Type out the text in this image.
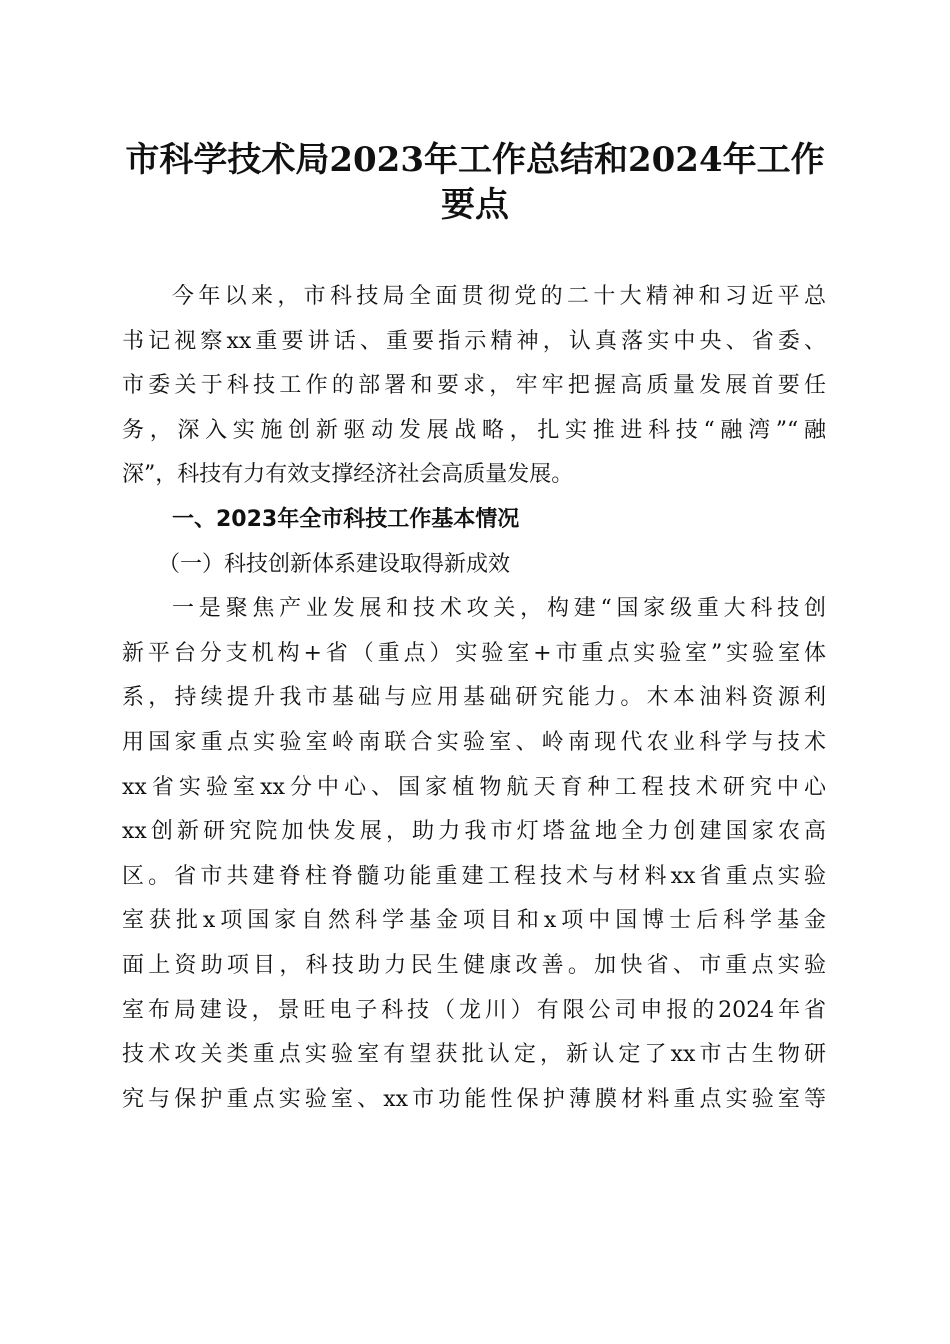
市科学技术局2023年工作总结和2024年工作
要点
今年以来，市科技局全面贯彻党的二十大精神和习近平总
书记视察xx重要讲话、重要指示精神，认真落实中央、省委、
市委关于科技工作的部署和要求，牢牢把握高质量发展首要任
务，深入实施创新驱动发展战略，扎实推进科技“融湾”“融
深”，科技有力有效支撑经济社会高质量发展。
一、2023年全市科技工作基本情况
（一）科技创新体系建设取得新成效
一是聚焦产业发展和技术攻关，构建“国家级重大科技创
新平台分支机构+省（重点）实验室+市重点实验室”实验室体
系，持续提升我市基础与应用基础研究能力。木本油料资源利
用国家重点实验室岭南联合实验室、岭南现代农业科学与技术
xx省实验室xx分中心、国家植物航天育种工程技术研究中心
xx创新研究院加快发展，助力我市灯塔盆地全力创建国家农高
区。省市共建脊柱脊髓功能重建工程技术与材料xx省重点实验
室获批x项国家自然科学基金项目和x项中国博士后科学基金
面上资助项目，科技助力民生健康改善。加快省、市重点实验
室布局建设，景旺电子科技（龙川）有限公司申报的2024年省
技术攻关类重点实验室有望获批认定，新认定了xx市古生物研
究与保护重点实验室、xx市功能性保护薄膜材料重点实验室等
